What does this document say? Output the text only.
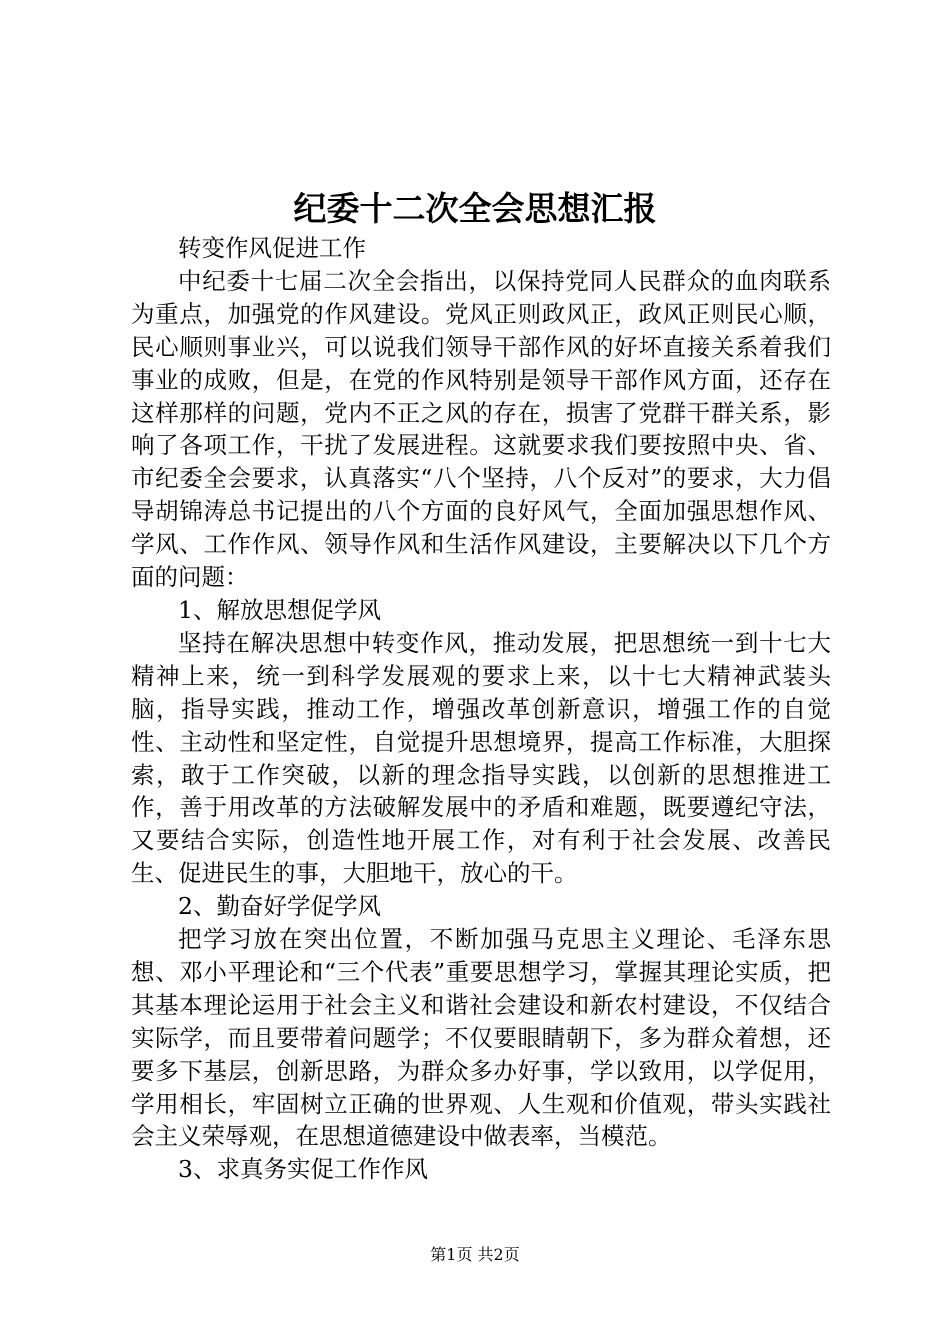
纪委十二次全会思想汇报

转变作风促进工作

中纪委十七届二次全会指出，以保持党同人民群众的血肉联系为重点，加强党的作风建设。党风正则政风正，政风正则民心顺，民心顺则事业兴，可以说我们领导干部作风的好坏直接关系着我们事业的成败，但是，在党的作风特别是领导干部作风方面，还存在这样那样的问题，党内不正之风的存在，损害了党群干群关系，影响了各项工作，干扰了发展进程。这就要求我们要按照中央、省、市纪委全会要求，认真落实“八个坚持，八个反对”的要求，大力倡导胡锦涛总书记提出的八个方面的良好风气，全面加强思想作风、学风、工作作风、领导作风和生活作风建设，主要解决以下几个方面的问题：

1、解放思想促学风

坚持在解决思想中转变作风，推动发展，把思想统一到十七大精神上来，统一到科学发展观的要求上来，以十七大精神武装头脑，指导实践，推动工作，增强改革创新意识，增强工作的自觉性、主动性和坚定性，自觉提升思想境界，提高工作标准，大胆探索，敢于工作突破，以新的理念指导实践，以创新的思想推进工作，善于用改革的方法破解发展中的矛盾和难题，既要遵纪守法，又要结合实际，创造性地开展工作，对有利于社会发展、改善民生、促进民生的事，大胆地干，放心的干。

2、勤奋好学促学风

把学习放在突出位置，不断加强马克思主义理论、毛泽东思想、邓小平理论和“三个代表”重要思想学习，掌握其理论实质，把其基本理论运用于社会主义和谐社会建设和新农村建设，不仅结合实际学，而且要带着问题学；不仅要眼睛朝下，多为群众着想，还要多下基层，创新思路，为群众多办好事，学以致用，以学促用，学用相长，牢固树立正确的世界观、人生观和价值观，带头实践社会主义荣辱观，在思想道德建设中做表率，当模范。

3、求真务实促工作作风

第1页 共2页
